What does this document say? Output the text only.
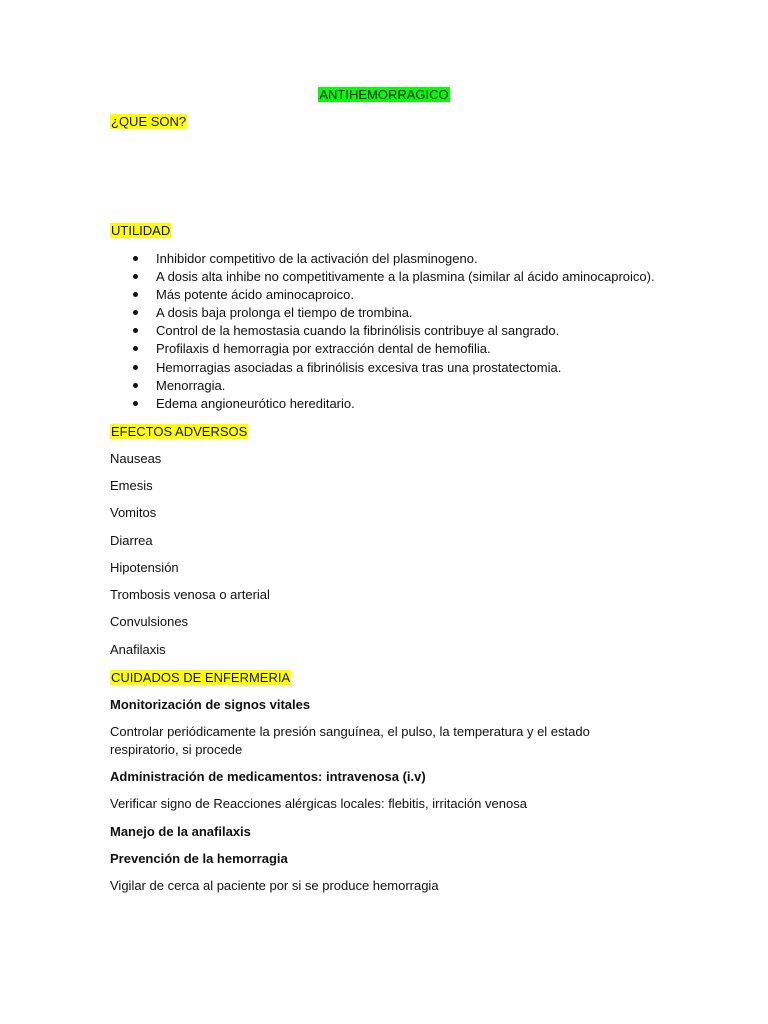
ANTIHEMORRAGICO
¿QUE SON?
UTILIDAD
Inhibidor competitivo de la activación del plasminogeno.
A dosis alta inhibe no competitivamente a la plasmina (similar al ácido aminocaproico).
Más potente ácido aminocaproico.
A dosis baja prolonga el tiempo de trombina.
Control de la hemostasia cuando la fibrinólisis contribuye al sangrado.
Profilaxis d hemorragia por extracción dental de hemofilia.
Hemorragias asociadas a fibrinólisis excesiva tras una prostatectomia.
Menorragia.
Edema angioneurótico hereditario.
EFECTOS ADVERSOS
Nauseas
Emesis
Vomitos
Diarrea
Hipotensión
Trombosis venosa o arterial
Convulsiones
Anafilaxis
CUIDADOS DE ENFERMERIA
Monitorización de signos vitales
Controlar periódicamente la presión sanguínea, el pulso, la temperatura y el estado
respiratorio, si procede
Administración de medicamentos: intravenosa (i.v)
Verificar signo de Reacciones alérgicas locales: flebitis, irritación venosa
Manejo de la anafilaxis
Prevención de la hemorragia
Vigilar de cerca al paciente por si se produce hemorragia
